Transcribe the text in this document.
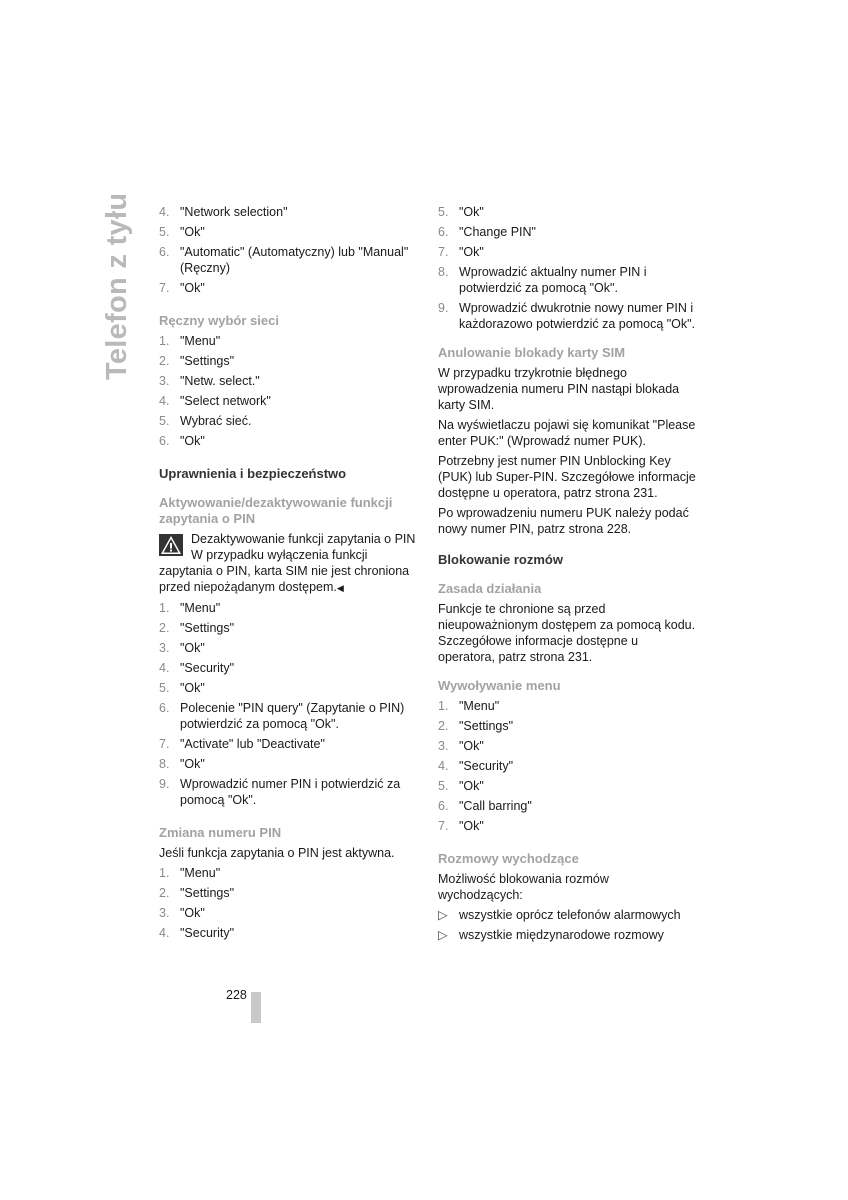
Telefon z tyłu 4. "Network selection"
5. "Ok"
6. "Automatic" (Automatyczny) lub "Manual" (Ręczny)
7. "Ok"
Ręczny wybór sieci
1. "Menu"
2. "Settings"
3. "Netw. select."
4. "Select network"
5. Wybrać sieć.
6. "Ok"
Uprawnienia i bezpieczeństwo
Aktywowanie/dezaktywowanie funkcji zapytania o PIN
Dezaktywowanie funkcji zapytania o PIN
W przypadku wyłączenia funkcji zapytania o PIN, karta SIM nie jest chroniona przed niepożądanym dostępem.◀
1. "Menu"
2. "Settings"
3. "Ok"
4. "Security"
5. "Ok"
6. Polecenie "PIN query" (Zapytanie o PIN) potwierdzić za pomocą "Ok".
7. "Activate" lub "Deactivate"
8. "Ok"
9. Wprowadzić numer PIN i potwierdzić za pomocą "Ok".
Zmiana numeru PIN
Jeśli funkcja zapytania o PIN jest aktywna.
1. "Menu"
2. "Settings"
3. "Ok"
4. "Security"
5. "Ok"
6. "Change PIN"
7. "Ok"
8. Wprowadzić aktualny numer PIN i potwierdzić za pomocą "Ok".
9. Wprowadzić dwukrotnie nowy numer PIN i każdorazowo potwierdzić za pomocą "Ok".
Anulowanie blokady karty SIM
W przypadku trzykrotnie błędnego wprowadzenia numeru PIN nastąpi blokada karty SIM.
Na wyświetlaczu pojawi się komunikat "Please enter PUK:" (Wprowadź numer PUK).
Potrzebny jest numer PIN Unblocking Key (PUK) lub Super-PIN. Szczegółowe informacje dostępne u operatora, patrz strona 231.
Po wprowadzeniu numeru PUK należy podać nowy numer PIN, patrz strona 228.
Blokowanie rozmów
Zasada działania
Funkcje te chronione są przed nieupoważnionym dostępem za pomocą kodu. Szczegółowe informacje dostępne u operatora, patrz strona 231.
Wywoływanie menu
1. "Menu"
2. "Settings"
3. "Ok"
4. "Security"
5. "Ok"
6. "Call barring"
7. "Ok"
Rozmowy wychodzące
Możliwość blokowania rozmów wychodzących:
▷ wszystkie oprócz telefonów alarmowych
▷ wszystkie międzynarodowe rozmowy
228
